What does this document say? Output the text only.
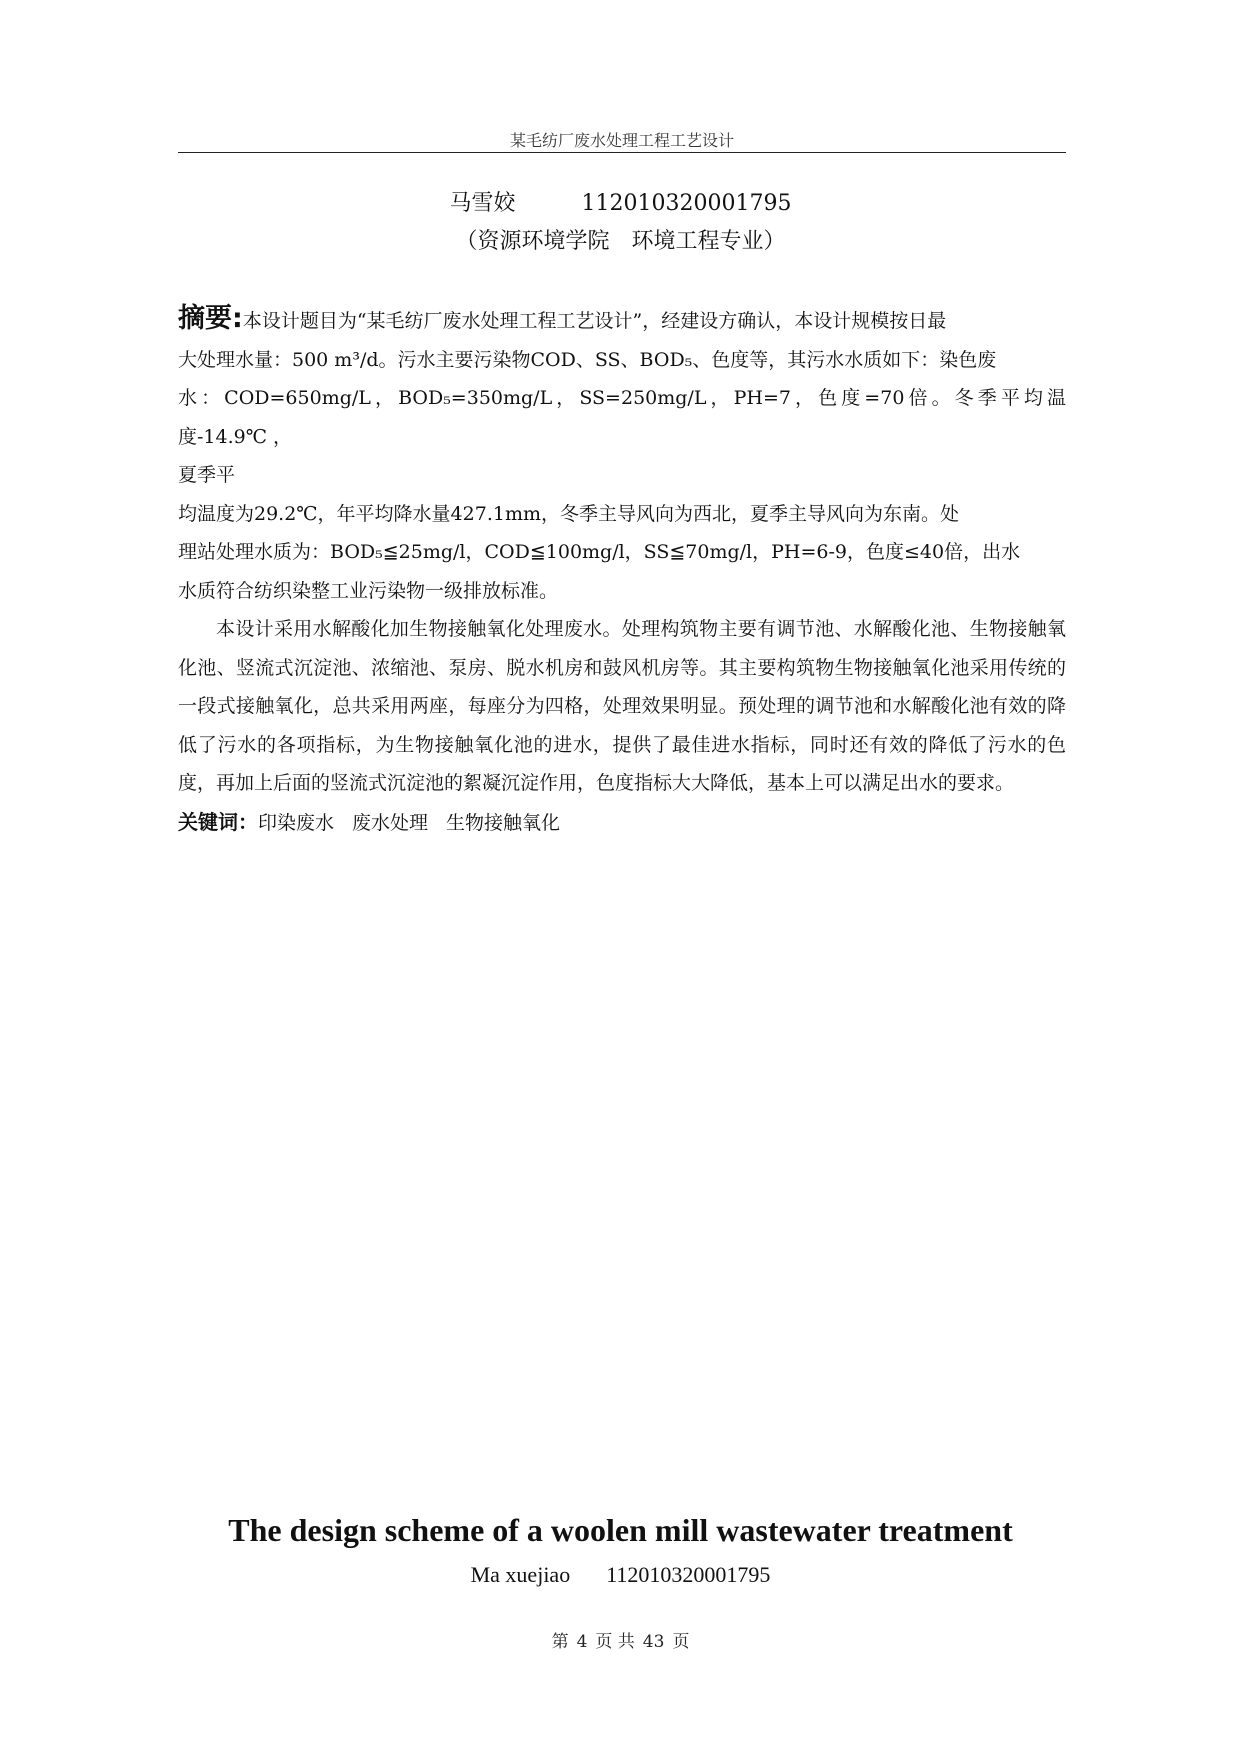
某毛纺厂废水处理工程工艺设计
马雪姣	112010320001795
（资源环境学院　环境工程专业）
摘要:本设计题目为“某毛纺厂废水处理工程工艺设计”，经建设方确认，本设计规模按日最
大处理水量：500 m³/d。污水主要污染物COD、SS、BOD₅、色度等，其污水水质如下：染色废
水：COD=650mg/L，BOD₅=350mg/L，SS=250mg/L，PH=7，色度=70倍。冬季平均温度-14.9℃ ，
夏季平
均温度为29.2℃，年平均降水量427.1mm，冬季主导风向为西北，夏季主导风向为东南。处
理站处理水质为：BOD₅≦25mg/l，COD≦100mg/l，SS≦70mg/l，PH=6-9，色度≤40倍，出水
水质符合纺织染整工业污染物一级排放标准。

本设计采用水解酸化加生物接触氧化处理废水。处理构筑物主要有调节池、水解酸化池、生物接触氧化池、竖流式沉淀池、浓缩池、泵房、脱水机房和鼓风机房等。其主要构筑物生物接触氧化池采用传统的一段式接触氧化，总共采用两座，每座分为四格，处理效果明显。预处理的调节池和水解酸化池有效的降低了污水的各项指标，为生物接触氧化池的进水，提供了最佳进水指标，同时还有效的降低了污水的色度，再加上后面的竖流式沉淀池的絮凝沉淀作用，色度指标大大降低，基本上可以满足出水的要求。

关键词：印染废水 废水处理 生物接触氧化
The design scheme of a woolen mill wastewater treatment
Ma xuejiao 112010320001795
第 4 页 共 43 页
